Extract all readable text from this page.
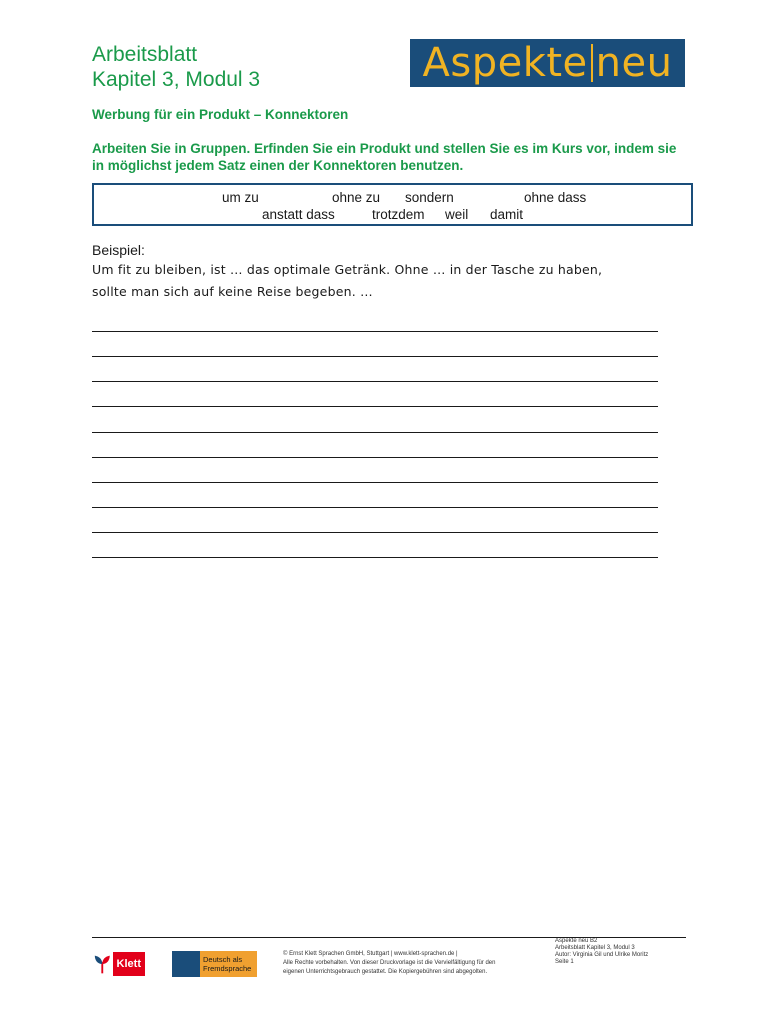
Arbeitsblatt
Kapitel 3, Modul 3	Aspekte neu
Werbung für ein Produkt – Konnektoren
Arbeiten Sie in Gruppen. Erfinden Sie ein Produkt und stellen Sie es im Kurs vor, indem sie in möglichst jedem Satz einen der Konnektoren benutzen.
um zu	ohne zu sondern	ohne dass
anstatt dass	trotzdem weil damit
Beispiel:
Um fit zu bleiben, ist … das optimale Getränk. Ohne … in der Tasche zu haben,
sollte man sich auf keine Reise begeben. …
Klett	Deutsch als Fremdsprache
© Ernst Klett Sprachen GmbH, Stuttgart | www.klett-sprachen.de |
Alle Rechte vorbehalten. Von dieser Druckvorlage ist die Vervielfältigung für den
eigenen Unterrichtsgebrauch gestattet. Die Kopiergebühren sind abgegolten.
Aspekte neu B2
Arbeitsblatt Kapitel 3, Modul 3
Autor: Virginia Gil und Ulrike Moritz
Seite 1
